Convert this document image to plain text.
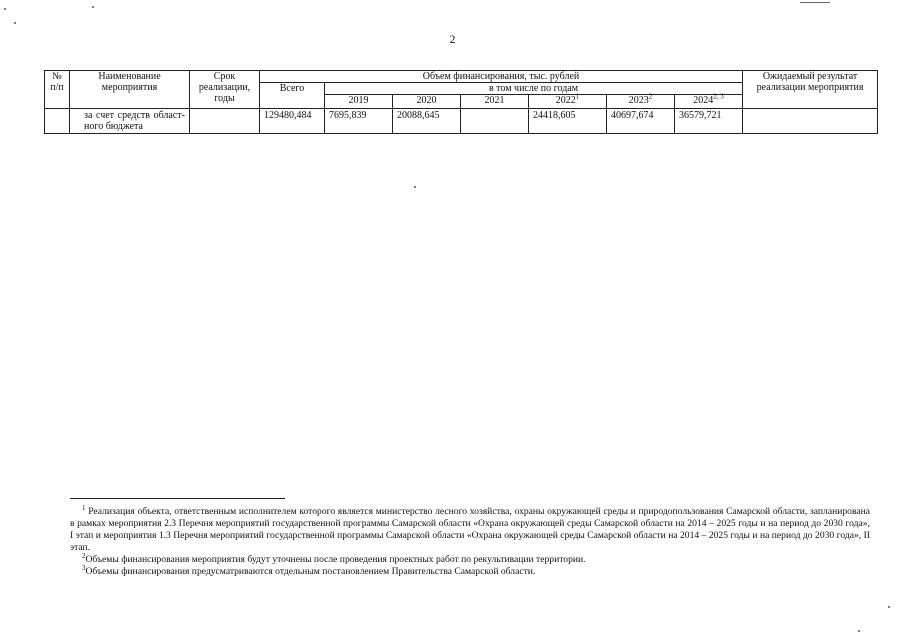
2
№ п/п	Наименование мероприятия	Срок реализации, годы	Объем финансирования, тыс. рублей							Ожидаемый результат реализации мероприятия
			Всего	в том числе по годам						
				2019	2020	2021	2022$^1$	2023$^2$	2024$^{2, 3}$
	за счет средств област-ного бюджета		129480,484	7695,839	20088,645		24418,605	40697,674	36579,721	

$^1$ Реализация объекта, ответственным исполнителем которого является министерство лесного хозяйства, охраны окружающей среды и природопользования Самарской области, запланирована в рамках мероприятия 2.3 Перечня мероприятий государственной программы Самарской области «Охрана окружающей среды Самарской области на 2014 – 2025 годы и на период до 2030 года», I этап и мероприятия 1.3 Перечня мероприятий государственной программы Самарской области «Охрана окружающей среды Самарской области на 2014 – 2025 годы и на период до 2030 года», II этап.

$^2$Объемы финансирования мероприятия будут уточнены после проведения проектных работ по рекультивации территории.

$^3$Объемы финансирования предусматриваются отдельным постановлением Правительства Самарской области.
